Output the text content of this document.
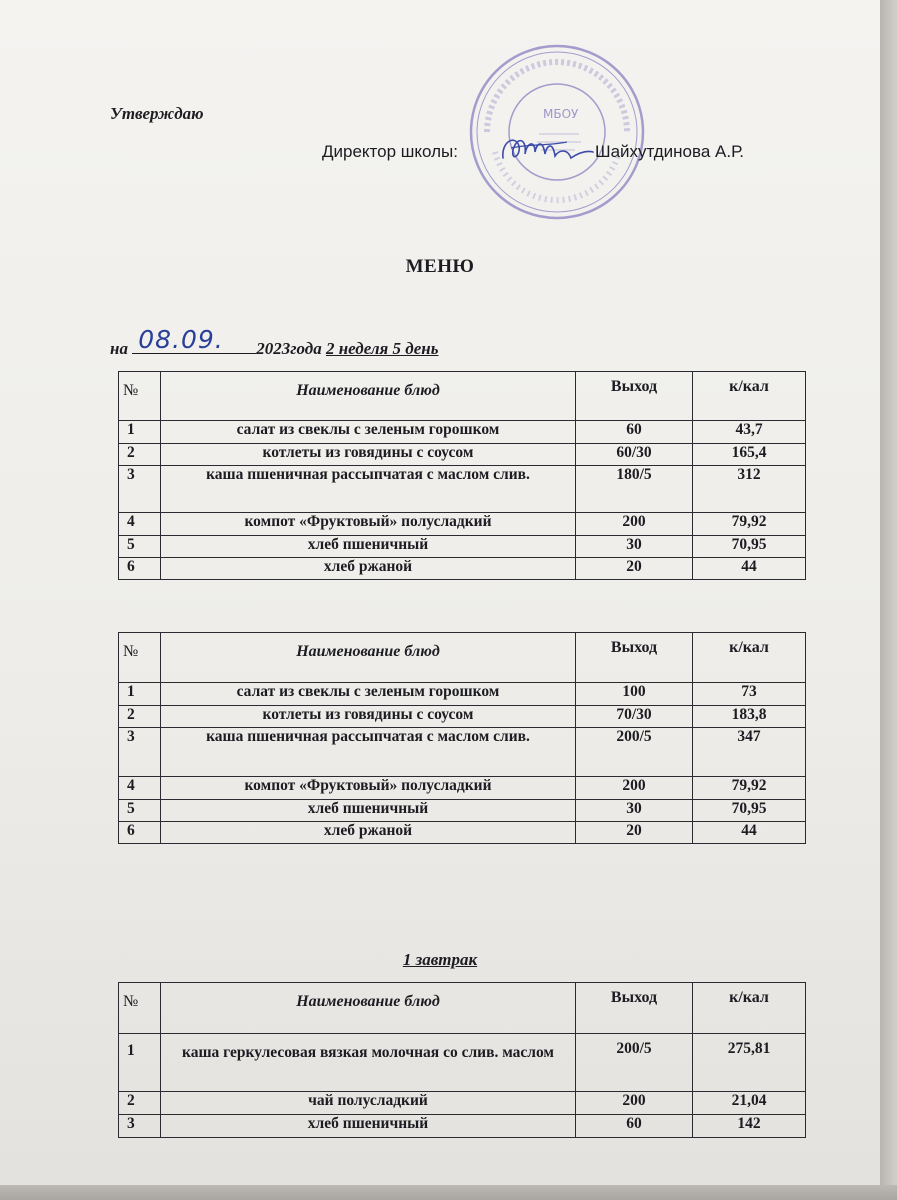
МБОУ
Утверждаю
Директор школы:	Шайхутдинова А.Р.
МЕНЮ
на 08.09. 2023года 2 неделя 5 день
№	Наименование блюд	Выход	к/кал
1	салат из свеклы с зеленым горошком	60	43,7
2	котлеты из говядины с соусом	60/30	165,4
3	каша пшеничная рассыпчатая с маслом слив.	180/5	312
4	компот «Фруктовый» полусладкий	200	79,92
5	хлеб пшеничный	30	70,95
6	хлеб ржаной	20	44
№	Наименование блюд	Выход	к/кал
1	салат из свеклы с зеленым горошком	100	73
2	котлеты из говядины с соусом	70/30	183,8
3	каша пшеничная рассыпчатая с маслом слив.	200/5	347
4	компот «Фруктовый» полусладкий	200	79,92
5	хлеб пшеничный	30	70,95
6	хлеб ржаной	20	44
1 завтрак
№	Наименование блюд	Выход	к/кал
1	каша геркулесовая вязкая молочная со слив. маслом	200/5	275,81
2	чай полусладкий	200	21,04
3	хлеб пшеничный	60	142
